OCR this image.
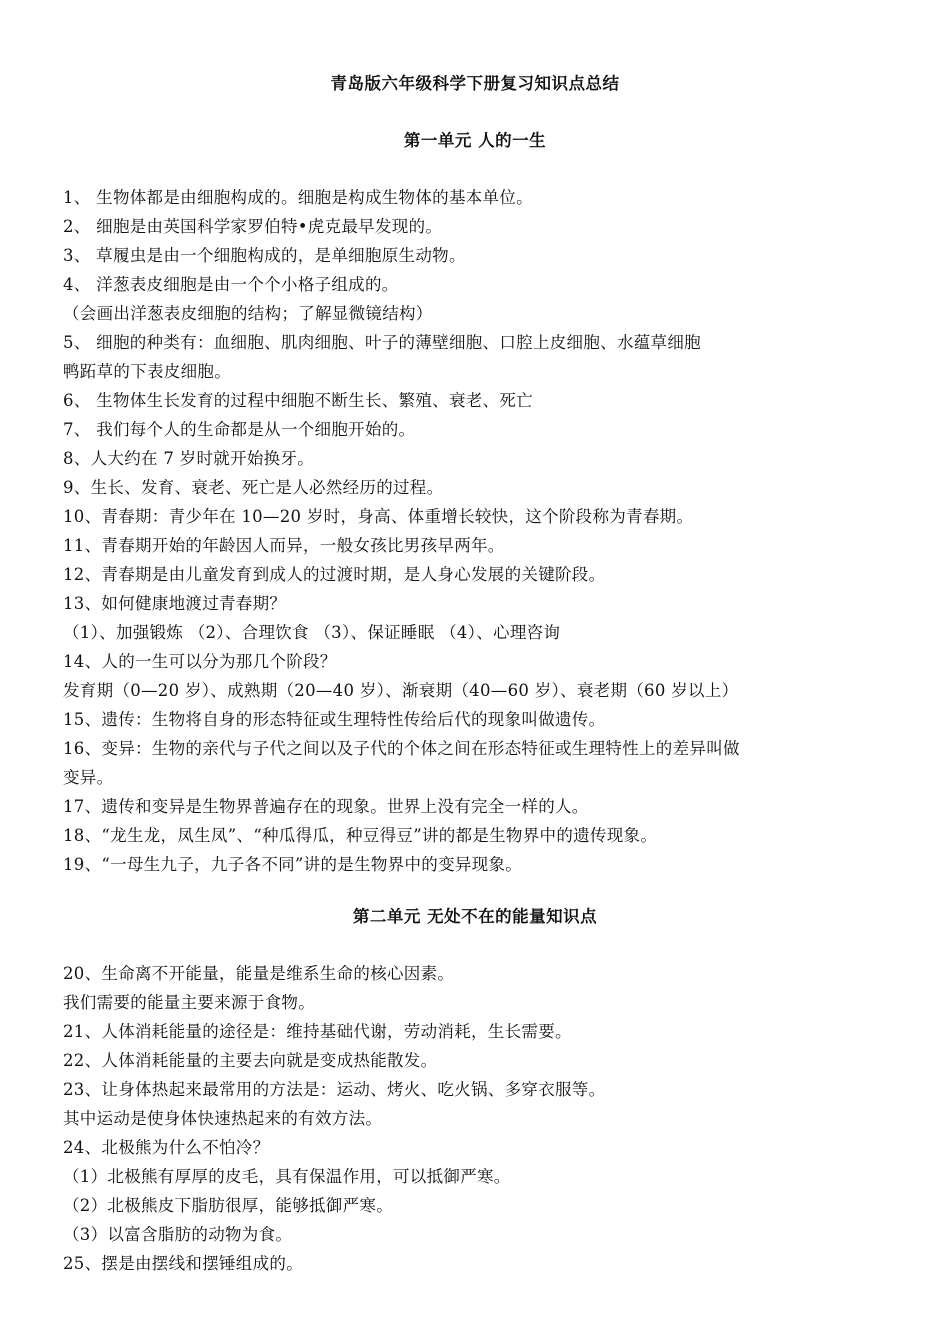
青岛版六年级科学下册复习知识点总结
第一单元 人的一生
1、 生物体都是由细胞构成的。细胞是构成生物体的基本单位。
2、 细胞是由英国科学家罗伯特•虎克最早发现的。
3、 草履虫是由一个细胞构成的，是单细胞原生动物。
4、 洋葱表皮细胞是由一个个小格子组成的。
（会画出洋葱表皮细胞的结构；了解显微镜结构）
5、 细胞的种类有：血细胞、肌肉细胞、叶子的薄壁细胞、口腔上皮细胞、水蕴草细胞
鸭跖草的下表皮细胞。
6、 生物体生长发育的过程中细胞不断生长、繁殖、衰老、死亡
7、 我们每个人的生命都是从一个细胞开始的。
8、人大约在 7 岁时就开始换牙。
9、生长、发育、衰老、死亡是人必然经历的过程。
10、青春期：青少年在 10—20 岁时，身高、体重增长较快，这个阶段称为青春期。
11、青春期开始的年龄因人而异，一般女孩比男孩早两年。
12、青春期是由儿童发育到成人的过渡时期，是人身心发展的关键阶段。
13、如何健康地渡过青春期？
（1）、加强锻炼 （2）、合理饮食 （3）、保证睡眠 （4）、心理咨询
14、人的一生可以分为那几个阶段？
发育期（0—20 岁）、成熟期（20—40 岁）、渐衰期（40—60 岁）、衰老期（60 岁以上）
15、遗传：生物将自身的形态特征或生理特性传给后代的现象叫做遗传。
16、变异：生物的亲代与子代之间以及子代的个体之间在形态特征或生理特性上的差异叫做
变异。
17、遗传和变异是生物界普遍存在的现象。世界上没有完全一样的人。
18、“龙生龙，凤生凤”、“种瓜得瓜，种豆得豆”讲的都是生物界中的遗传现象。
19、“一母生九子，九子各不同”讲的是生物界中的变异现象。
第二单元 无处不在的能量知识点
20、生命离不开能量，能量是维系生命的核心因素。
我们需要的能量主要来源于食物。
21、人体消耗能量的途径是：维持基础代谢，劳动消耗，生长需要。
22、人体消耗能量的主要去向就是变成热能散发。
23、让身体热起来最常用的方法是：运动、烤火、吃火锅、多穿衣服等。
其中运动是使身体快速热起来的有效方法。
24、北极熊为什么不怕冷？
（1）北极熊有厚厚的皮毛，具有保温作用，可以抵御严寒。
（2）北极熊皮下脂肪很厚，能够抵御严寒。
（3）以富含脂肪的动物为食。
25、摆是由摆线和摆锤组成的。
